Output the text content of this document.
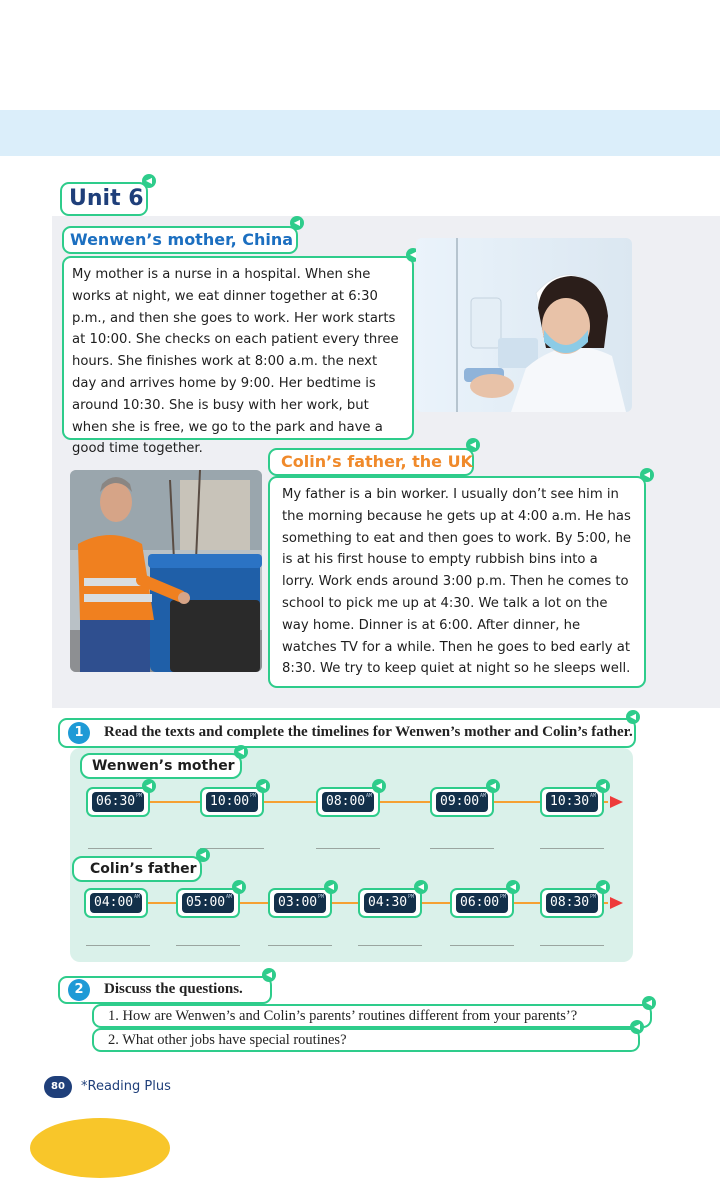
◀
Unit 6
◀
Wenwen’s mother, China
◀
My mother is a nurse in a hospital. When she works at night, we eat dinner together at 6:30 p.m., and then she goes to work. Her work starts at 10:00. She checks on each patient every three hours. She finishes work at 8:00 a.m. the next day and arrives home by 9:00. Her bedtime is around 10:30. She is busy with her work, but when she is free, we go to the park and have a good time together.	◀
Colin’s father, the UK
◀
My father is a bin worker. I usually don’t see him in the morning because he gets up at 4:00 a.m. He has something to eat and then goes to work. By 5:00, he is at his first house to empty rubbish bins into a lorry. Work ends around 3:00 p.m. Then he comes to school to pick me up at 4:30. We talk a lot on the way home. Dinner is at 6:00. After dinner, he watches TV for a while. Then he goes to bed early at 8:30. We try to keep quiet at night so he sleeps well.
◀
1	Read the texts and complete the timelines for Wenwen’s mother and Colin’s father.
◀
Wenwen’s mother
◀
06:30 PM
◀
10:00 PM
◀
08:00 AM
◀
09:00 AM
◀
10:30 AM
◀
Colin’s father
04:00 AM
◀
05:00 AM
◀
03:00 PM
◀
04:30 PM
◀
06:00 PM
◀
08:30 PM
◀
2	Discuss the questions.
◀
1. How are Wenwen’s and Colin’s parents’ routines different from your parents’?
◀
2. What other jobs have special routines?
80	*Reading Plus
